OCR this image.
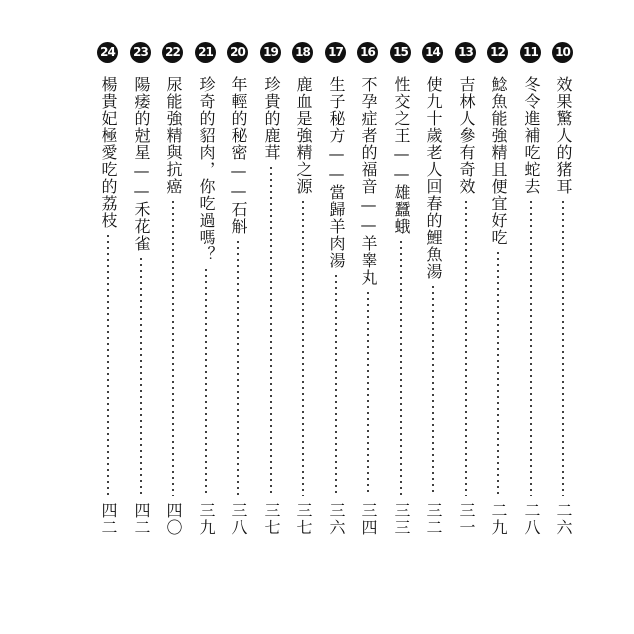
10
效果驚人的猪耳
二六
11
冬令進補吃蛇去
二八
12
鯰魚能強精且便宜好吃
二九
13
吉林人參有奇效
三一
14
使九十歲老人回春的鯉魚湯
三二
15
性交之王——雄蠶蛾
三三
16
不孕症者的福音——羊睾丸
三四
17
生子秘方——當歸羊肉湯
三六
18
鹿血是強精之源
三七
19
珍貴的鹿茸
三七
20
年輕的秘密——石斛
三八
21
珍奇的貂肉，你吃過嗎？
三九
22
尿能強精與抗癌
四〇
23
陽痿的尅星——禾花雀
四二
24
楊貴妃極愛吃的荔枝
四二
